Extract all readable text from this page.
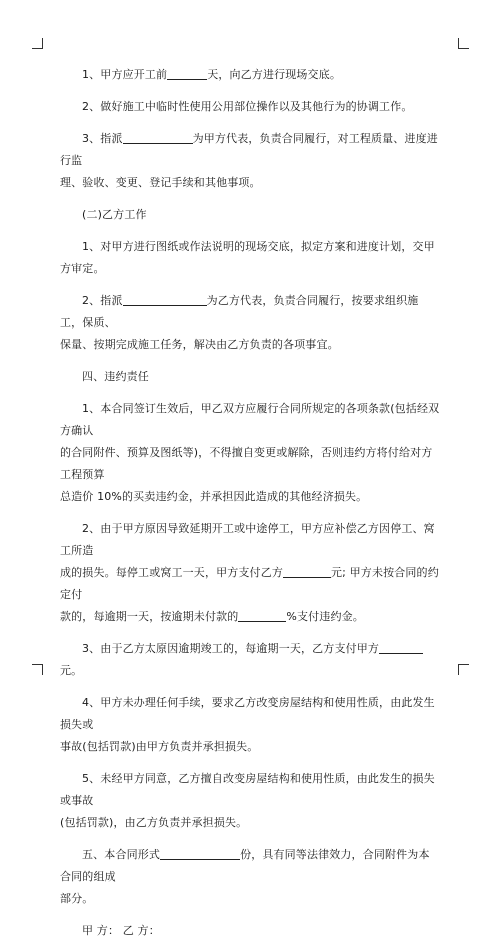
1、甲方应开工前	天，向乙方进行现场交底。

2、做好施工中临时性使用公用部位操作以及其他行为的协调工作。

3、指派	为甲方代表，负责合同履行，对工程质量、进度进行监

理、验收、变更、登记手续和其他事项。

(二)乙方工作

1、对甲方进行图纸或作法说明的现场交底，拟定方案和进度计划，交甲方审定。

2、指派	为乙方代表，负责合同履行，按要求组织施工，保质、

保量、按期完成施工任务，解决由乙方负责的各项事宜。

四、违约责任

1、本合同签订生效后，甲乙双方应履行合同所规定的各项条款(包括经双方确认

的合同附件、预算及图纸等)，不得擅自变更或解除，否则违约方将付给对方工程预算

总造价 10%的买卖违约金，并承担因此造成的其他经济损失。

2、由于甲方原因导致延期开工或中途停工，甲方应补偿乙方因停工、窝工所造

成的损失。每停工或窝工一天，甲方支付乙方	元; 甲方未按合同的约定付

款的，每逾期一天，按逾期未付款的	%支付违约金。

3、由于乙方太原因逾期竣工的，每逾期一天，乙方支付甲方元。

4、甲方未办理任何手续，要求乙方改变房屋结构和使用性质，由此发生损失或

事故(包括罚款)由甲方负责并承担损失。

5、未经甲方同意，乙方擅自改变房屋结构和使用性质，由此发生的损失或事故

(包括罚款)，由乙方负责并承担损失。

五、本合同形式	份，具有同等法律效力，合同附件为本合同的组成

部分。

甲 方： 乙 方：
